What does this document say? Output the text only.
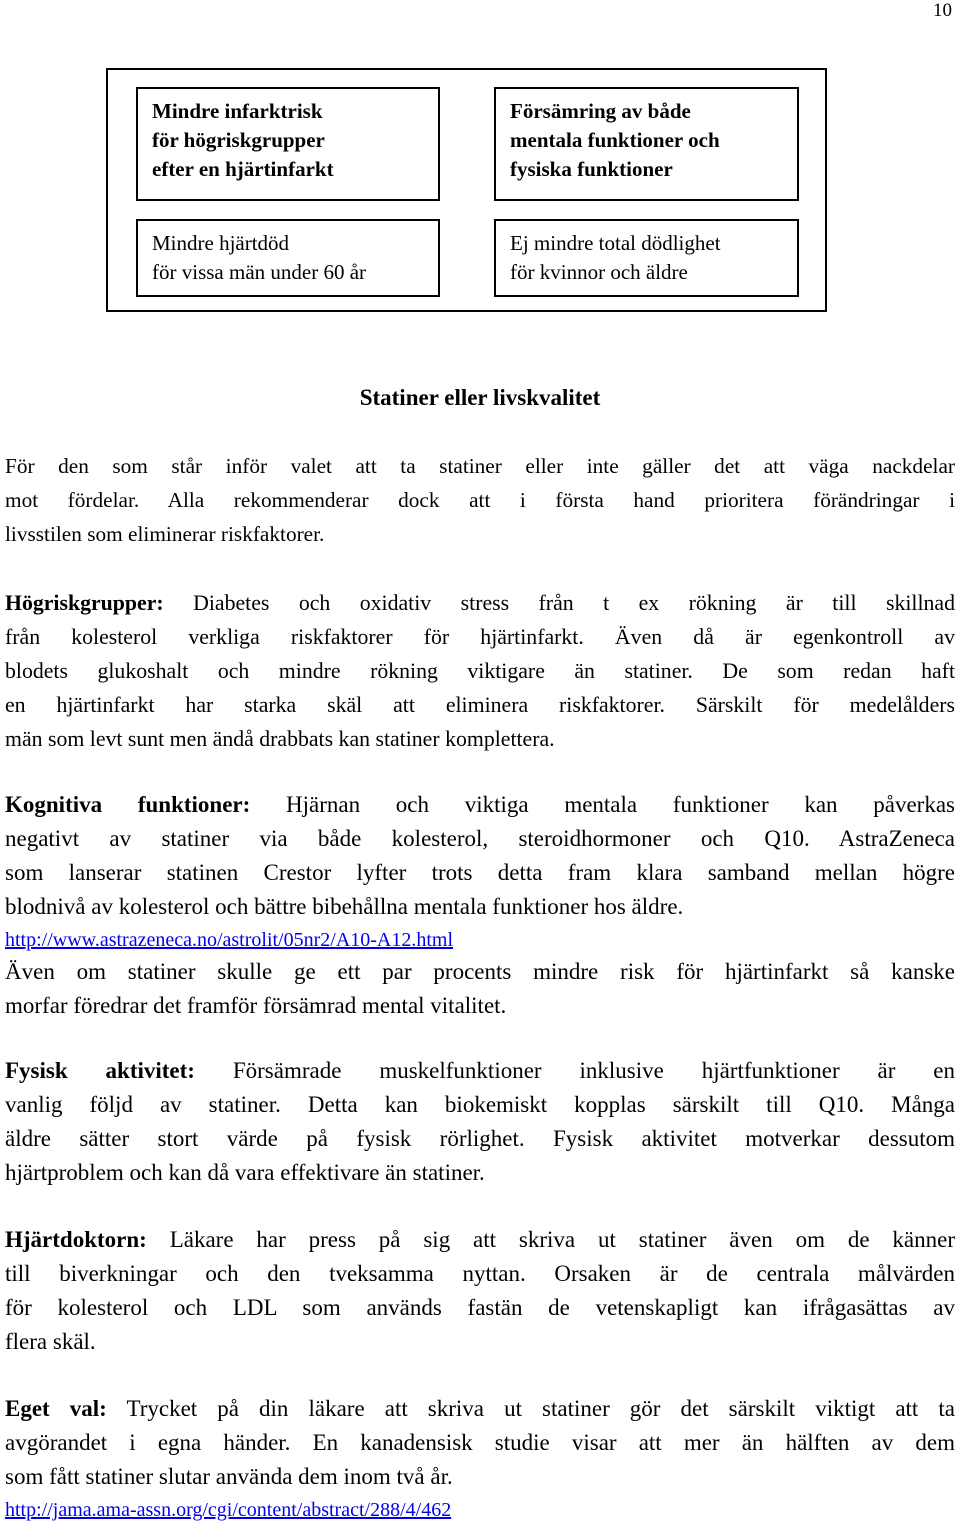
10
Mindre infarktrisk
för högriskgrupper
efter en hjärtinfarkt
Försämring av både
mentala funktioner och
fysiska funktioner
Mindre hjärtdöd
för vissa män under 60 år
Ej mindre total dödlighet
för kvinnor och äldre
Statiner eller livskvalitet
För den som står inför valet att ta statiner eller inte gäller det att väga nackdelar
mot fördelar. Alla rekommenderar dock att i första hand prioritera förändringar i
livsstilen som eliminerar riskfaktorer.
Högriskgrupper: Diabetes och oxidativ stress från t ex rökning är till skillnad
från kolesterol verkliga riskfaktorer för hjärtinfarkt. Även då är egenkontroll av
blodets glukoshalt och mindre rökning viktigare än statiner. De som redan haft
en hjärtinfarkt har starka skäl att eliminera riskfaktorer. Särskilt för medelålders
män som levt sunt men ändå drabbats kan statiner komplettera.
Kognitiva funktioner: Hjärnan och viktiga mentala funktioner kan påverkas
negativt av statiner via både kolesterol, steroidhormoner och Q10. AstraZeneca
som lanserar statinen Crestor lyfter trots detta fram klara samband mellan högre
blodnivå av kolesterol och bättre bibehållna mentala funktioner hos äldre.
http://www.astrazeneca.no/astrolit/05nr2/A10-A12.html
Även om statiner skulle ge ett par procents mindre risk för hjärtinfarkt så kanske
morfar föredrar det framför försämrad mental vitalitet.
Fysisk aktivitet: Försämrade muskelfunktioner inklusive hjärtfunktioner är en
vanlig följd av statiner. Detta kan biokemiskt kopplas särskilt till Q10. Många
äldre sätter stort värde på fysisk rörlighet. Fysisk aktivitet motverkar dessutom
hjärtproblem och kan då vara effektivare än statiner.
Hjärtdoktorn: Läkare har press på sig att skriva ut statiner även om de känner
till biverkningar och den tveksamma nyttan. Orsaken är de centrala målvärden
för kolesterol och LDL som används fastän de vetenskapligt kan ifrågasättas av
flera skäl.
Eget val: Trycket på din läkare att skriva ut statiner gör det särskilt viktigt att ta
avgörandet i egna händer. En kanadensisk studie visar att mer än hälften av dem
som fått statiner slutar använda dem inom två år.
http://jama.ama-assn.org/cgi/content/abstract/288/4/462
